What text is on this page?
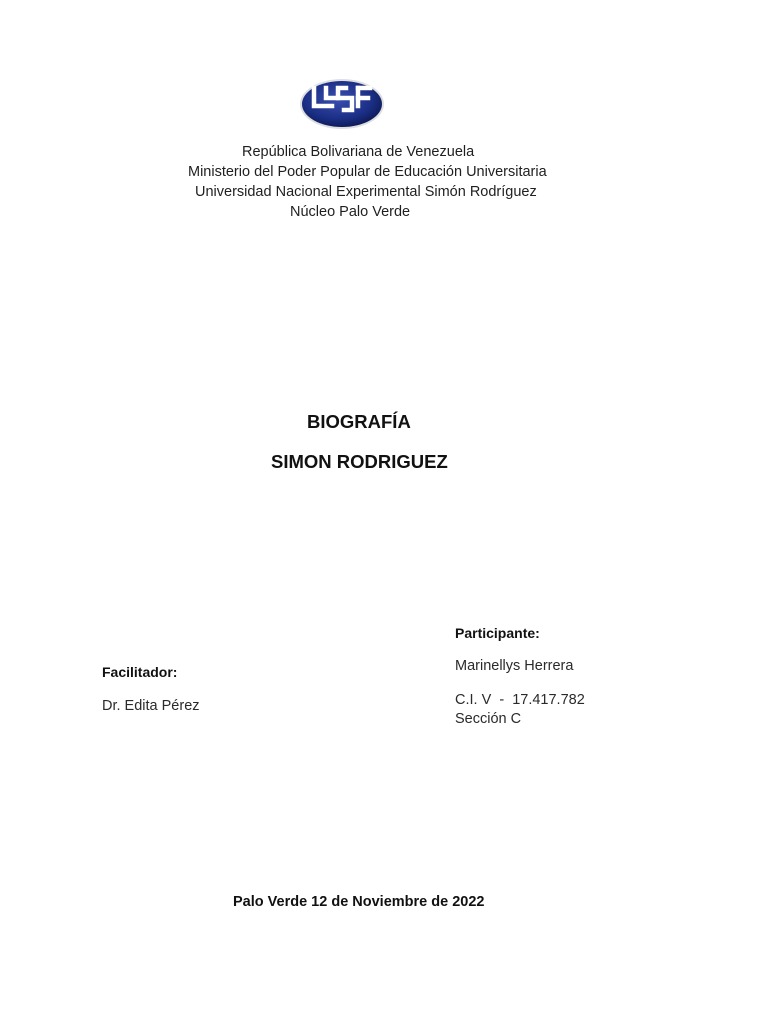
República Bolivariana de Venezuela
Ministerio del Poder Popular de Educación Universitaria
Universidad Nacional Experimental Simón Rodríguez
Núcleo Palo Verde
BIOGRAFÍA
SIMON RODRIGUEZ
Participante:
Marinellys Herrera
C.I. V  -  17.417.782
Sección C
Facilitador:
Dr. Edita Pérez
Palo Verde 12 de Noviembre de 2022
